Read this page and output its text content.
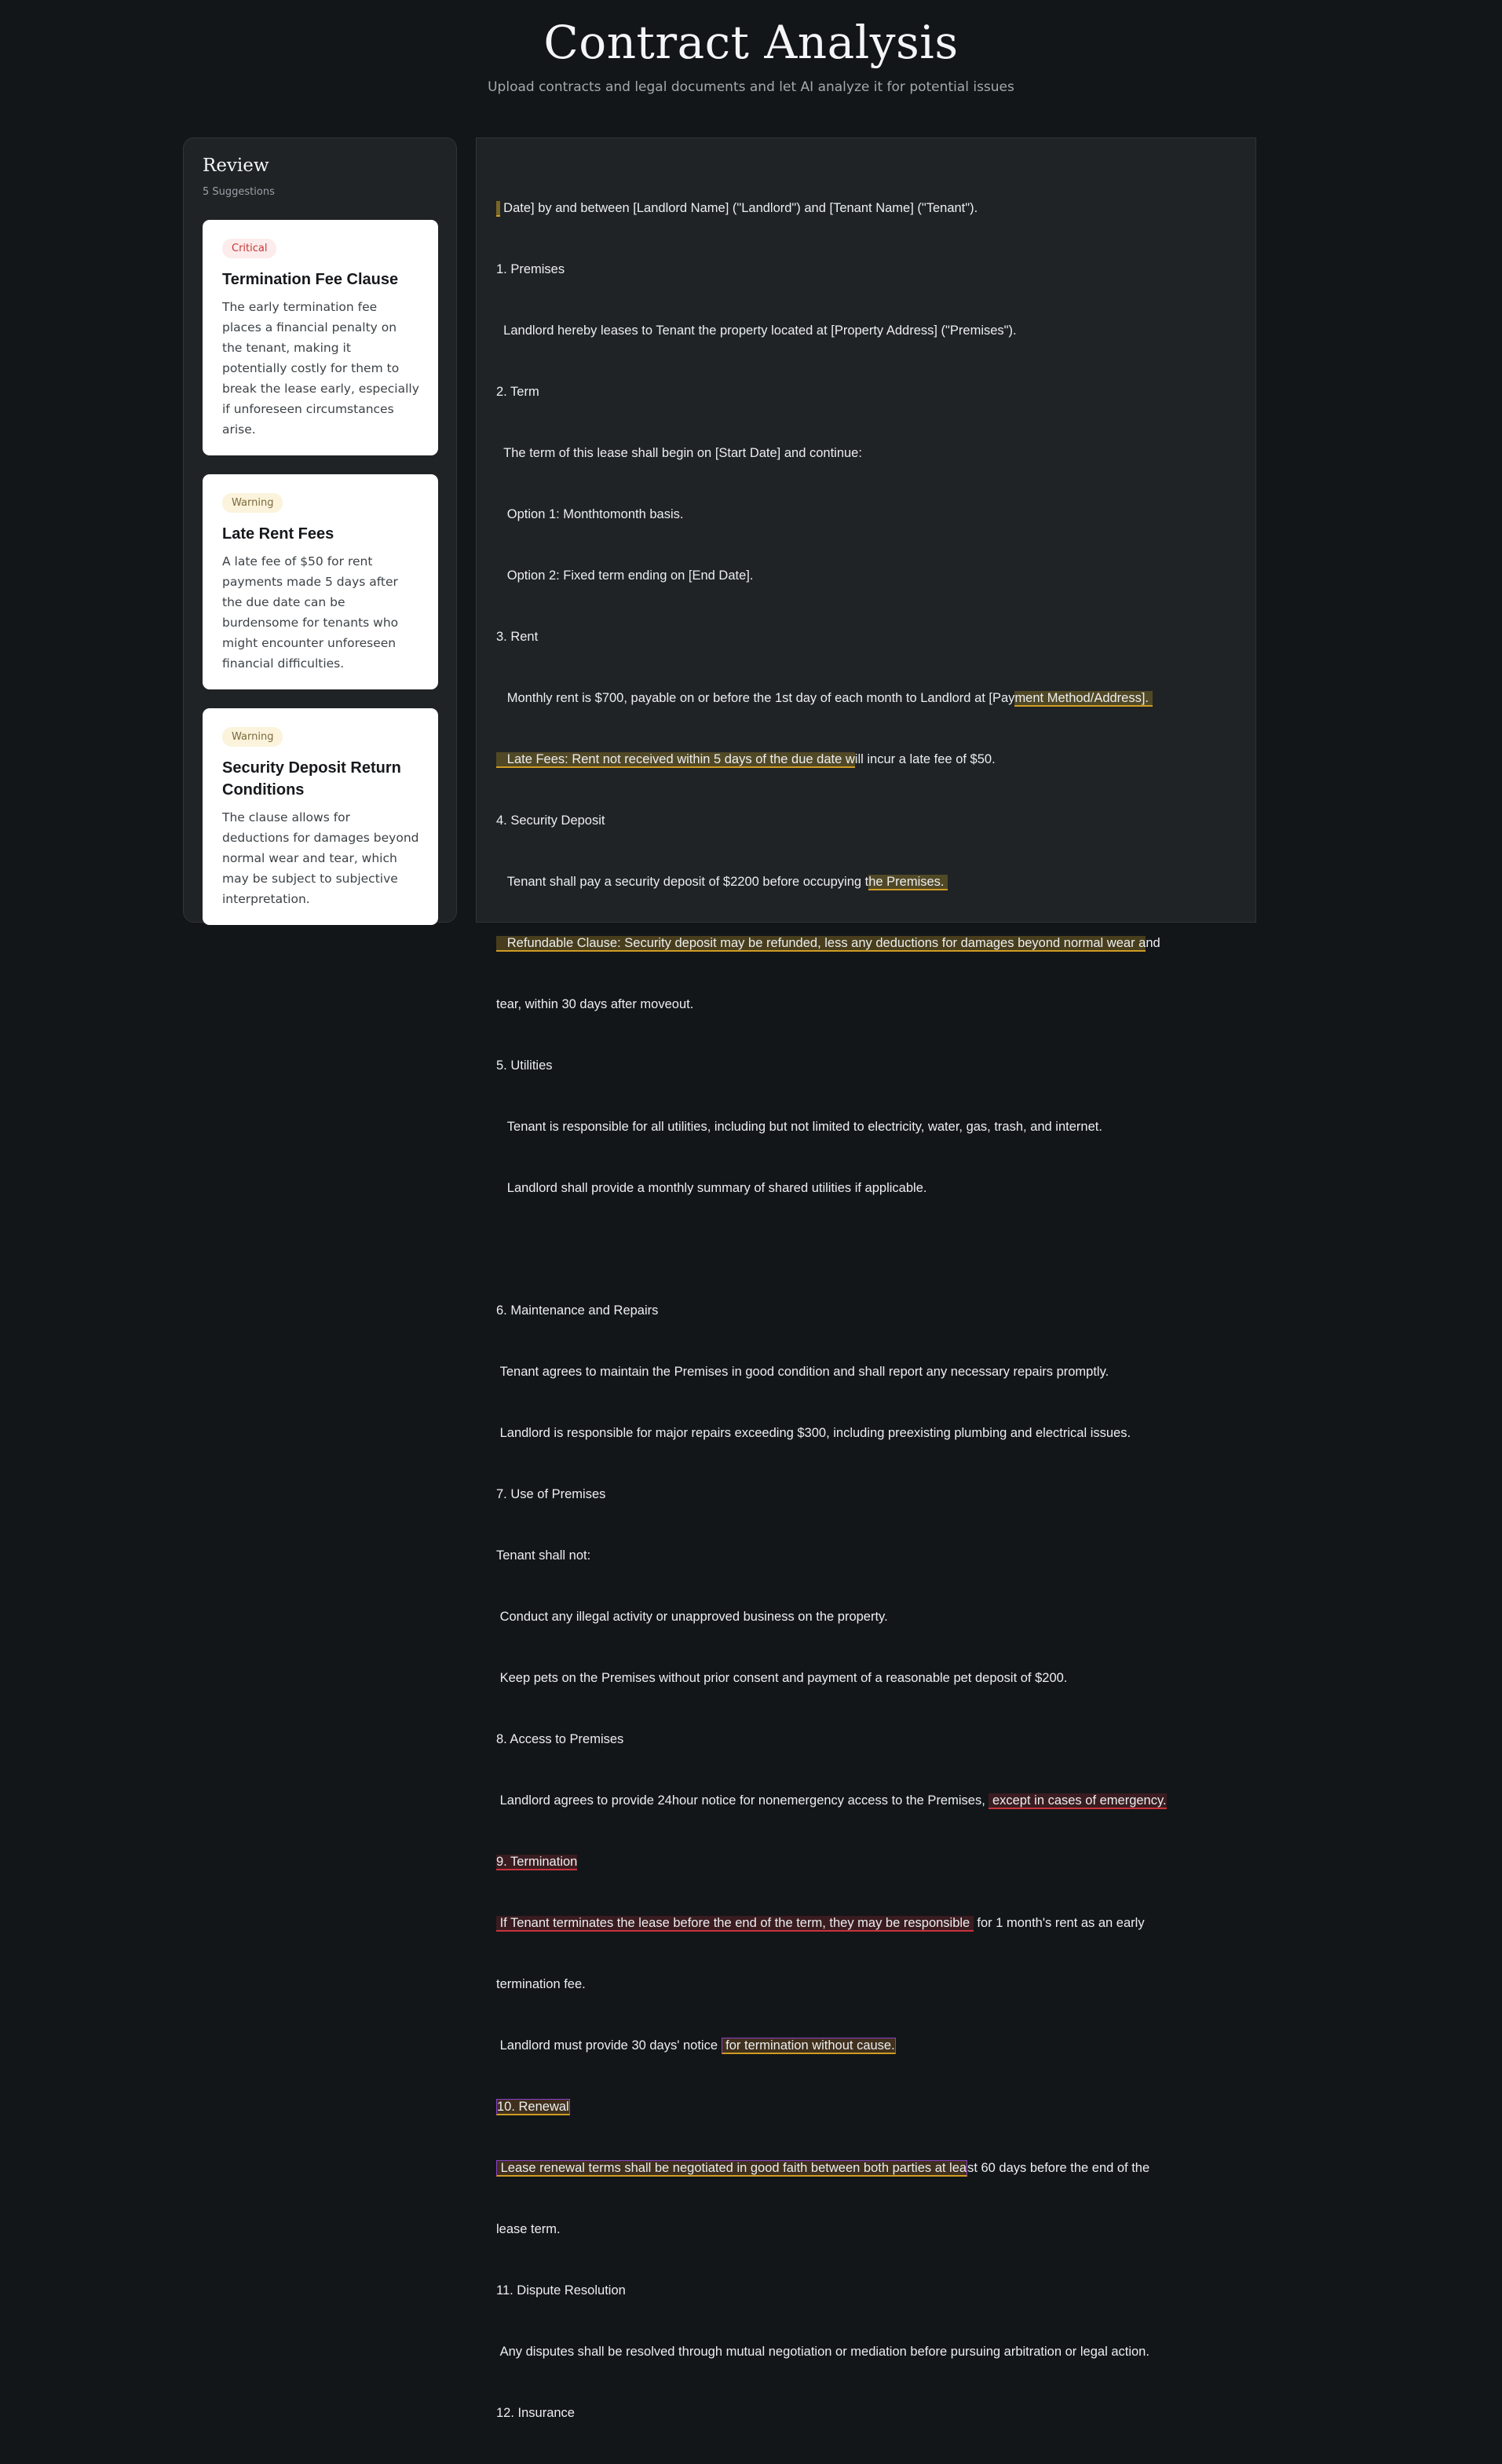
Contract Analysis
Upload contracts and legal documents and let AI analyze it for potential issues
Review
5 Suggestions
Critical
Termination Fee Clause
The early termination fee places a financial penalty on the tenant, making it potentially costly for them to break the lease early, especially if unforeseen circumstances arise.
Warning
Late Rent Fees
A late fee of $50 for rent payments made 5 days after the due date can be burdensome for tenants who might encounter unforeseen financial difficulties.
Warning
Security Deposit Return Conditions
The clause allows for deductions for damages beyond normal wear and tear, which may be subject to subjective interpretation.

Date] by and between [Landlord Name] ("Landlord") and [Tenant Name] ("Tenant").

1. Premises

Landlord hereby leases to Tenant the property located at [Property Address] ("Premises").

2. Term

The term of this lease shall begin on [Start Date] and continue:

Option 1: Monthtomonth basis.

Option 2: Fixed term ending on [End Date].

3. Rent

Monthly rent is $700, payable on or before the 1st day of each month to Landlord at [Payment Method/Address].

Late Fees: Rent not received within 5 days of the due date will incur a late fee of $50.

4. Security Deposit

Tenant shall pay a security deposit of $2200 before occupying the Premises.

Refundable Clause: Security deposit may be refunded, less any deductions for damages beyond normal wear and

tear, within 30 days after moveout.

5. Utilities

Tenant is responsible for all utilities, including but not limited to electricity, water, gas, trash, and internet.

Landlord shall provide a monthly summary of shared utilities if applicable.

6. Maintenance and Repairs

Tenant agrees to maintain the Premises in good condition and shall report any necessary repairs promptly.

Landlord is responsible for major repairs exceeding $300, including preexisting plumbing and electrical issues.

7. Use of Premises

Tenant shall not:

Conduct any illegal activity or unapproved business on the property.

Keep pets on the Premises without prior consent and payment of a reasonable pet deposit of $200.

8. Access to Premises

Landlord agrees to provide 24hour notice for nonemergency access to the Premises,  except in cases of emergency.

9. Termination

If Tenant terminates the lease before the end of the term, they may be responsible  for 1 month's rent as an early

termination fee.

Landlord must provide 30 days' notice  for termination without cause.

10. Renewal

Lease renewal terms shall be negotiated in good faith between both parties at least 60 days before the end of the

lease term.

11. Dispute Resolution

Any disputes shall be resolved through mutual negotiation or mediation before pursuing arbitration or legal action.

12. Insurance
